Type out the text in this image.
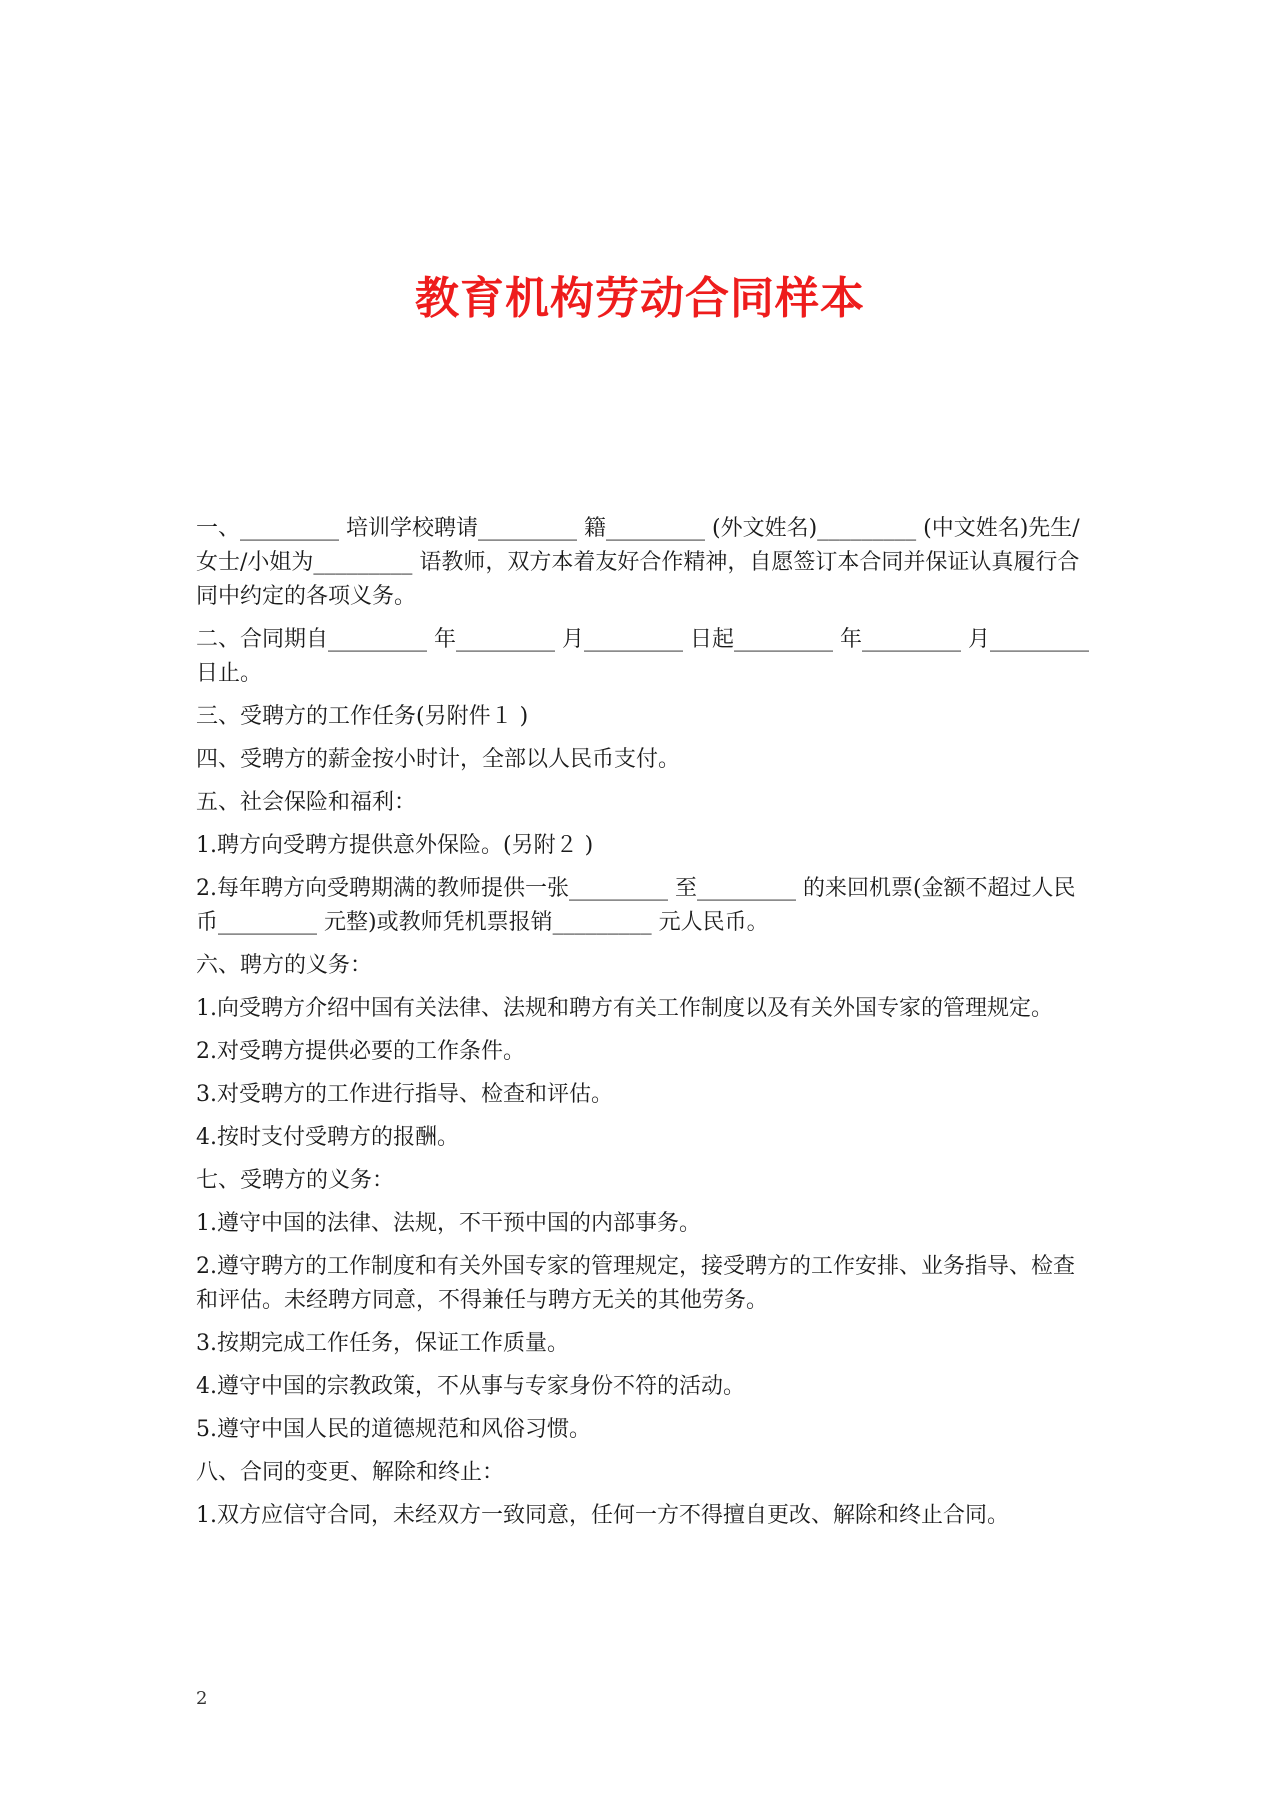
教育机构劳动合同样本

一、_________ 培训学校聘请_________ 籍_________ (外文姓名)_________ (中文姓名)先生/女士/小姐为_________ 语教师，双方本着友好合作精神，自愿签订本合同并保证认真履行合同中约定的各项义务。

二、合同期自_________ 年_________ 月_________ 日起_________ 年_________ 月_________ 日止。

三、受聘方的工作任务(另附件１ )

四、受聘方的薪金按小时计，全部以人民币支付。

五、社会保险和福利：

1.聘方向受聘方提供意外保险。(另附２ )

2.每年聘方向受聘期满的教师提供一张_________ 至_________ 的来回机票(金额不超过人民币_________ 元整)或教师凭机票报销_________ 元人民币。

六、聘方的义务：

1.向受聘方介绍中国有关法律、法规和聘方有关工作制度以及有关外国专家的管理规定。

2.对受聘方提供必要的工作条件。

3.对受聘方的工作进行指导、检查和评估。

4.按时支付受聘方的报酬。

七、受聘方的义务：

1.遵守中国的法律、法规，不干预中国的内部事务。

2.遵守聘方的工作制度和有关外国专家的管理规定，接受聘方的工作安排、业务指导、检查和评估。未经聘方同意，不得兼任与聘方无关的其他劳务。

3.按期完成工作任务，保证工作质量。

4.遵守中国的宗教政策，不从事与专家身份不符的活动。

5.遵守中国人民的道德规范和风俗习惯。

八、合同的变更、解除和终止：

1.双方应信守合同，未经双方一致同意，任何一方不得擅自更改、解除和终止合同。

2
